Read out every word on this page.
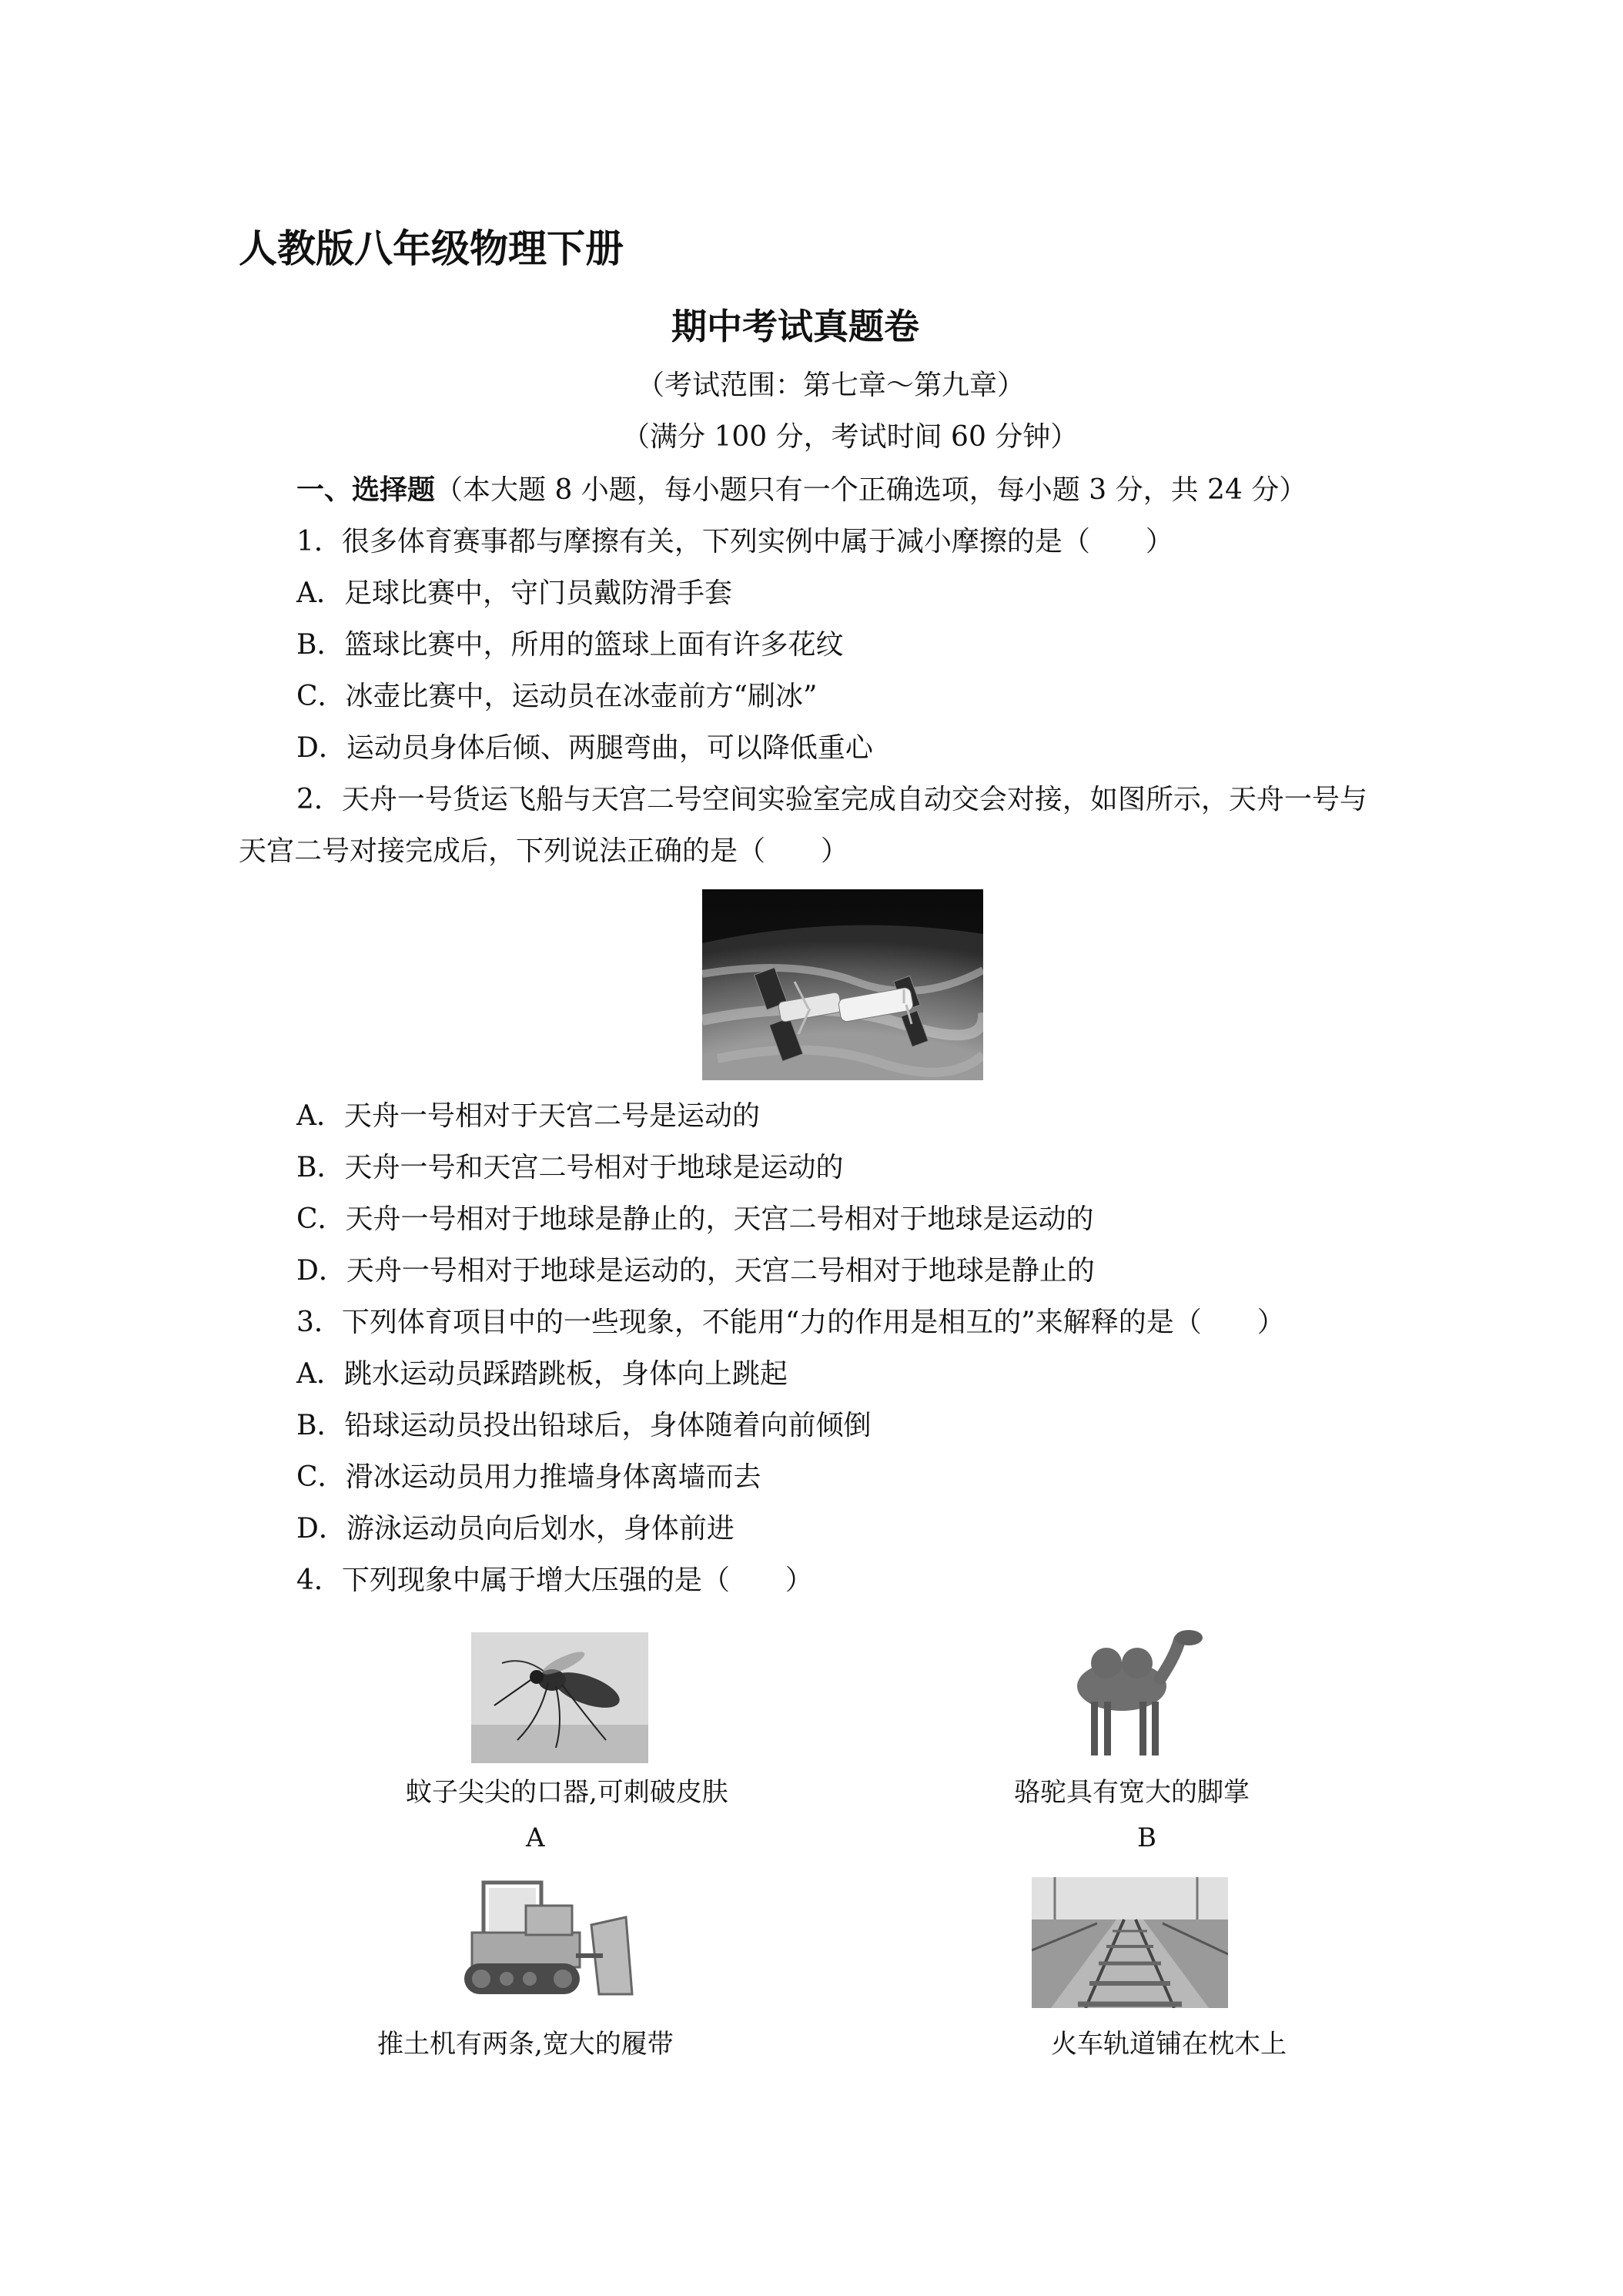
人教版八年级物理下册
期中考试真题卷
（考试范围：第七章～第九章）
（满分 100 分，考试时间 60 分钟）
一、选择题（本大题 8 小题，每小题只有一个正确选项，每小题 3 分，共 24 分）
1．很多体育赛事都与摩擦有关，下列实例中属于减小摩擦的是（　　）
A．足球比赛中，守门员戴防滑手套
B．篮球比赛中，所用的篮球上面有许多花纹
C．冰壶比赛中，运动员在冰壶前方“刷冰”
D．运动员身体后倾、两腿弯曲，可以降低重心
2．天舟一号货运飞船与天宫二号空间实验室完成自动交会对接，如图所示，天舟一号与
天宫二号对接完成后，下列说法正确的是（　　）
A．天舟一号相对于天宫二号是运动的
B．天舟一号和天宫二号相对于地球是运动的
C．天舟一号相对于地球是静止的，天宫二号相对于地球是运动的
D．天舟一号相对于地球是运动的，天宫二号相对于地球是静止的
3．下列体育项目中的一些现象，不能用“力的作用是相互的”来解释的是（　　）
A．跳水运动员踩踏跳板，身体向上跳起
B．铅球运动员投出铅球后，身体随着向前倾倒
C．滑冰运动员用力推墙身体离墙而去
D．游泳运动员向后划水，身体前进
4．下列现象中属于增大压强的是（　　）
蚊子尖尖的口器,可刺破皮肤	骆驼具有宽大的脚掌
A	B
推土机有两条,宽大的履带	火车轨道铺在枕木上
